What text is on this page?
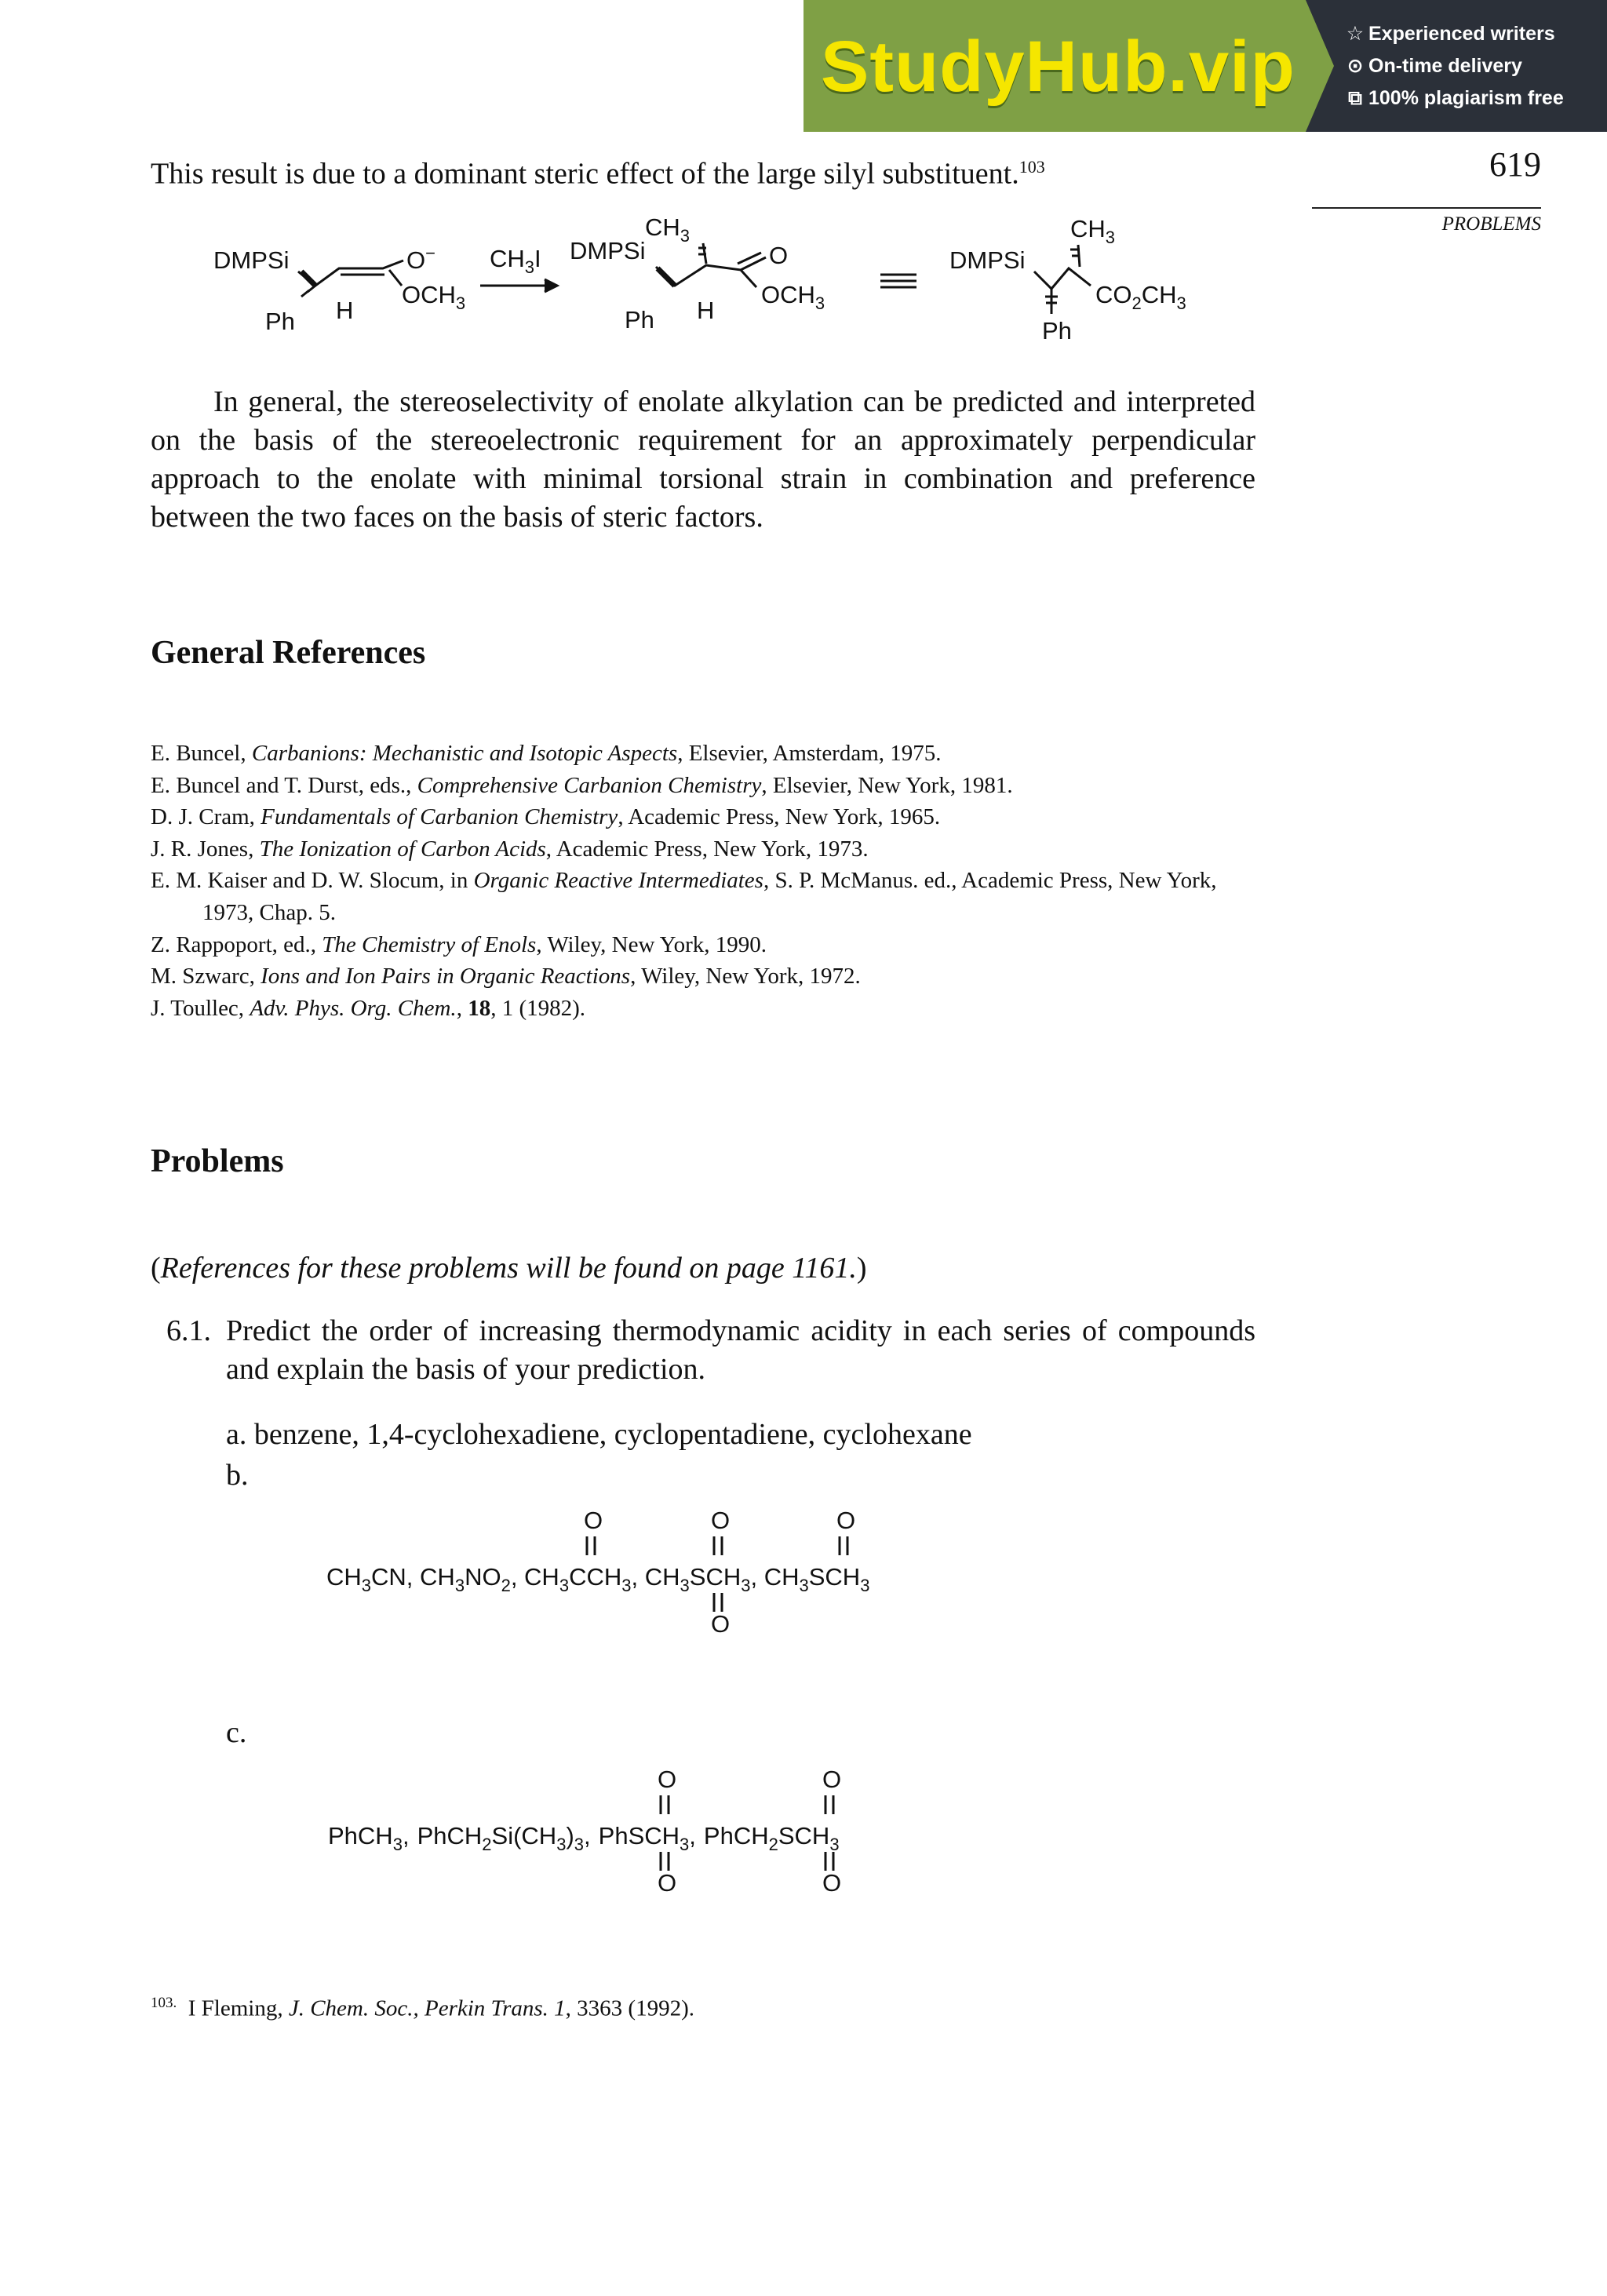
StudyHub.vip	☆ Experienced writers
⊙ On-time delivery
⧉ 100% plagiarism free
619
PROBLEMS
This result is due to a dominant steric effect of the large silyl substituent.$^{103}$
DMPSi	O−
$OCH_3$
Ph H
$CH_3I$ DMPSi
$CH_3$
O
$OCH_3$
Ph H
DMPSi
$CH_3$
$CO_2CH_3$
Ph

In general, the stereoselectivity of enolate alkylation can be predicted and interpreted on the basis of the stereoelectronic requirement for an approximately perpendicular approach to the enolate with minimal torsional strain in combination and preference between the two faces on the basis of steric factors.

General References
E. Buncel, Carbanions: Mechanistic and Isotopic Aspects, Elsevier, Amsterdam, 1975.
E. Buncel and T. Durst, eds., Comprehensive Carbanion Chemistry, Elsevier, New York, 1981.
D. J. Cram, Fundamentals of Carbanion Chemistry, Academic Press, New York, 1965.
J. R. Jones, The Ionization of Carbon Acids, Academic Press, New York, 1973.
E. M. Kaiser and D. W. Slocum, in Organic Reactive Intermediates, S. P. McManus. ed., Academic Press, New York, 1973, Chap. 5.
Z. Rappoport, ed., The Chemistry of Enols, Wiley, New York, 1990.
M. Szwarc, Ions and Ion Pairs in Organic Reactions, Wiley, New York, 1972.
J. Toullec, Adv. Phys. Org. Chem., 18, 1 (1982).
Problems
(References for these problems will be found on page 1161.)
6.1. Predict the order of increasing thermodynamic acidity in each series of compounds and explain the basis of your prediction.

a. benzene, 1,4-cyclohexadiene, cyclopentadiene, cyclohexane
b.
$CH_3CN$, $CH_3NO_2$, $CH_3CCH_3$, $CH_3SCH_3$, $CH_3SCH_3$
O	O
O
O
c.
PhCH$_3$, $PhCH_2Si(CH_3)_3$, PhSCH$_3$, $PhCH_2SCH_3$
O
O
O
O
$^{103.}$ I Fleming, J. Chem. Soc., Perkin Trans. 1, 3363 (1992).
